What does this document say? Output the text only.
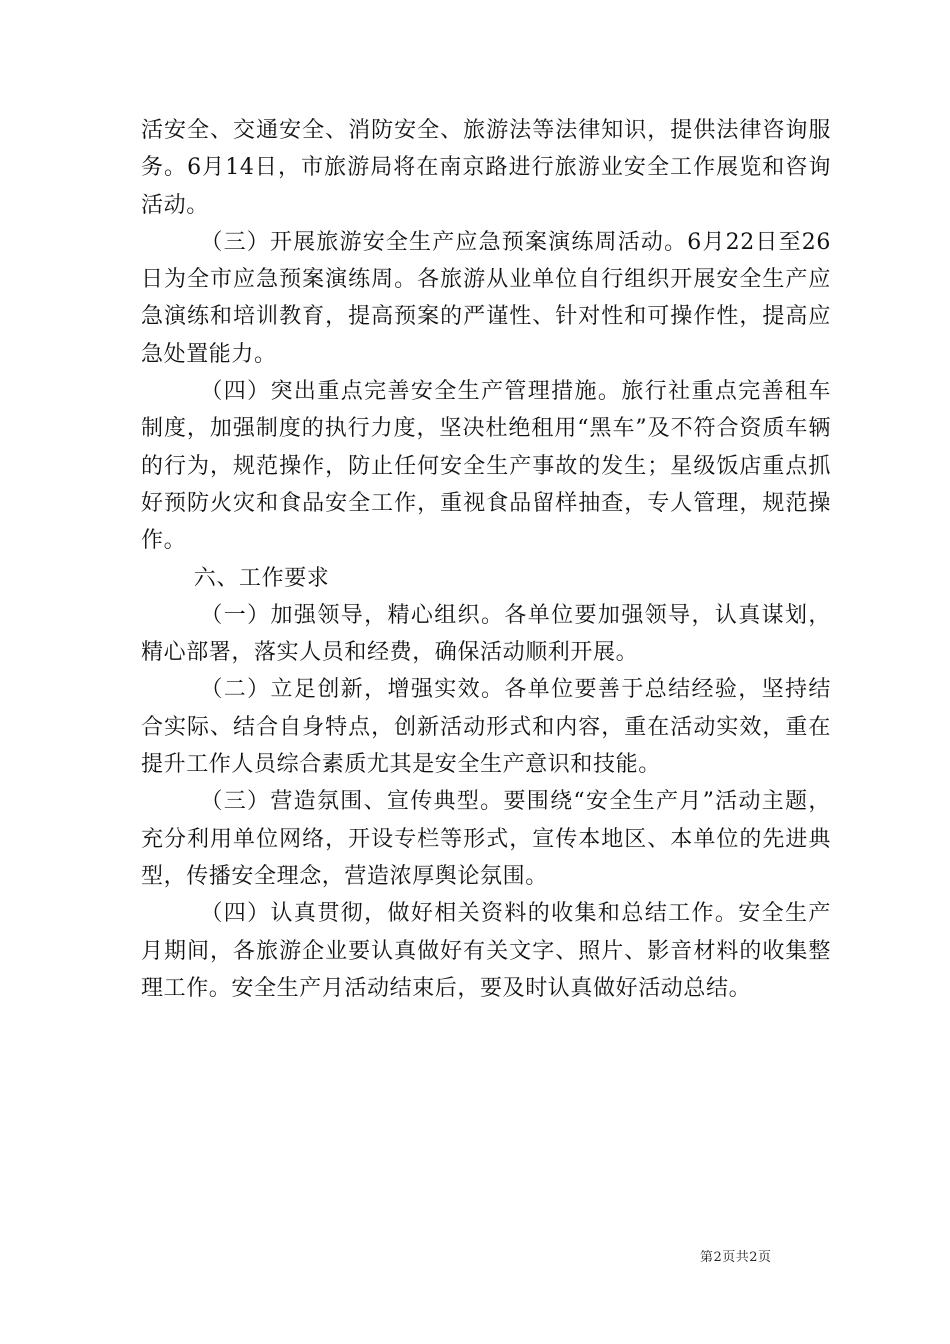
活安全、交通安全、消防安全、旅游法等法律知识，提供法律咨询服务。6月14日，市旅游局将在南京路进行旅游业安全工作展览和咨询活动。

（三）开展旅游安全生产应急预案演练周活动。6月22日至26日为全市应急预案演练周。各旅游从业单位自行组织开展安全生产应急演练和培训教育，提高预案的严谨性、针对性和可操作性，提高应急处置能力。

（四）突出重点完善安全生产管理措施。旅行社重点完善租车制度，加强制度的执行力度，坚决杜绝租用“黑车”及不符合资质车辆的行为，规范操作，防止任何安全生产事故的发生；星级饭店重点抓好预防火灾和食品安全工作，重视食品留样抽查，专人管理，规范操作。

六、工作要求

（一）加强领导，精心组织。各单位要加强领导，认真谋划，精心部署，落实人员和经费，确保活动顺利开展。

（二）立足创新，增强实效。各单位要善于总结经验，坚持结合实际、结合自身特点，创新活动形式和内容，重在活动实效，重在提升工作人员综合素质尤其是安全生产意识和技能。

（三）营造氛围、宣传典型。要围绕“安全生产月”活动主题，充分利用单位网络，开设专栏等形式，宣传本地区、本单位的先进典型，传播安全理念，营造浓厚舆论氛围。

（四）认真贯彻，做好相关资料的收集和总结工作。安全生产月期间，各旅游企业要认真做好有关文字、照片、影音材料的收集整理工作。安全生产月活动结束后，要及时认真做好活动总结。

第2页共2页
